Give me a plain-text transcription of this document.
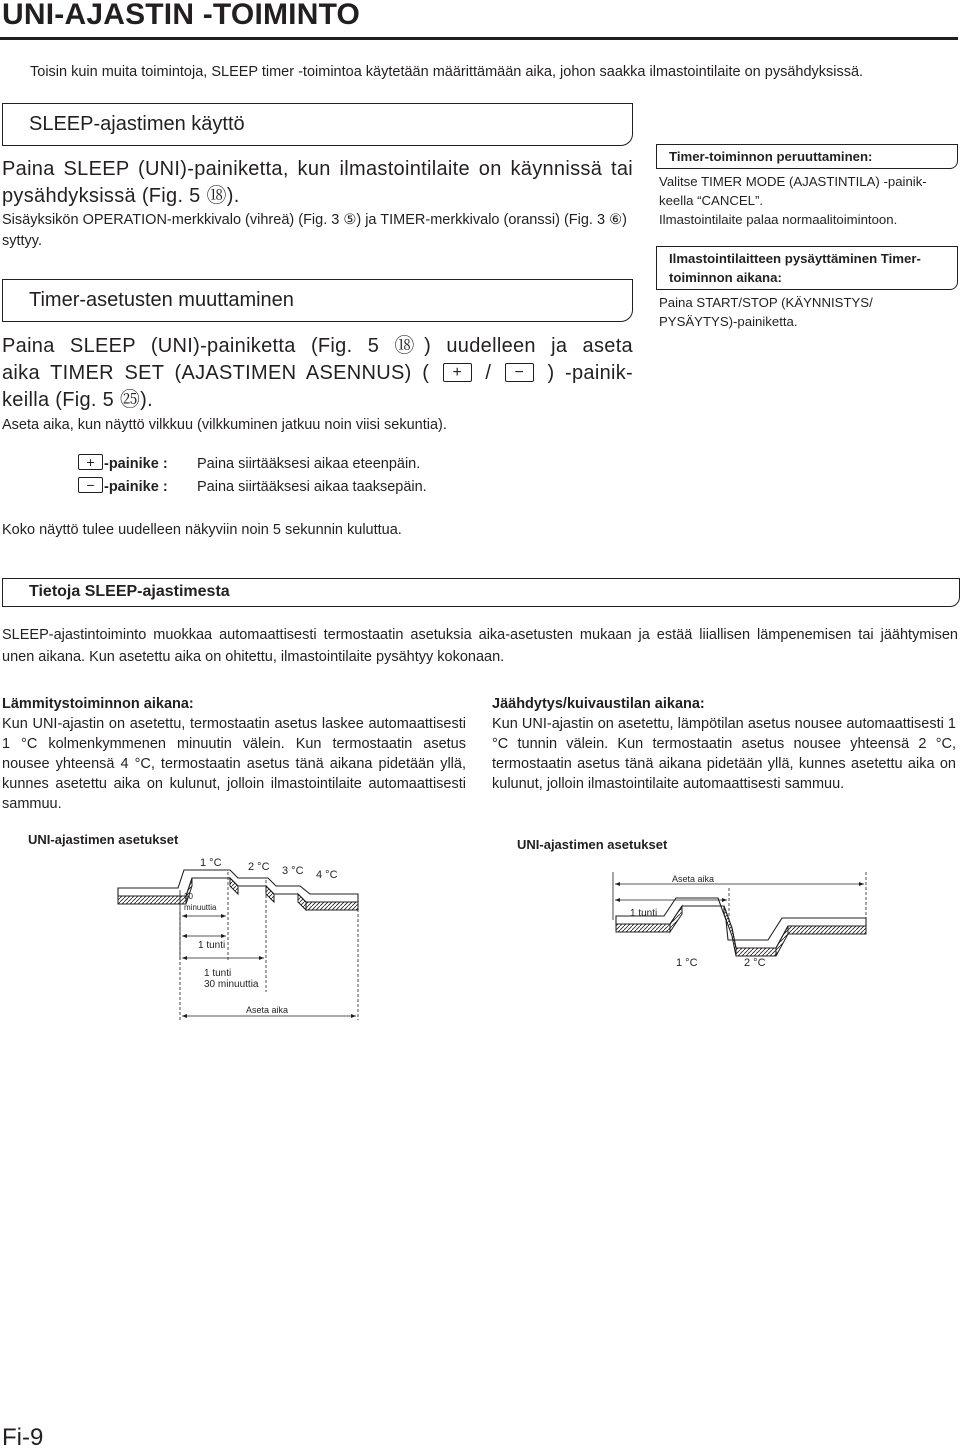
UNI-AJASTIN -TOIMINTO
Toisin kuin muita toimintoja, SLEEP timer -toimintoa käytetään määrittämään aika, johon saakka ilmastointilaite on pysähdyksissä.
SLEEP-ajastimen käyttö
Paina SLEEP (UNI)-painiketta, kun ilmastointilaite on käynnissä tai pysähdyksissä (Fig. 5 ⑱).
Sisäyksikön OPERATION-merkkivalo (vihreä) (Fig. 3 ⑤) ja TIMER-merkkivalo (oranssi) (Fig. 3 ⑥) syttyy.
Timer-asetusten muuttaminen
Paina SLEEP (UNI)-painiketta (Fig. 5 ⑱) uudelleen ja aseta
aika TIMER SET (AJASTIMEN ASENNUS) ( + / − ) -painik-
keilla (Fig. 5 ㉕).
Aseta aika, kun näyttö vilkkuu (vilkkuminen jatkuu noin viisi sekuntia).
+ -painike : Paina siirtääksesi aikaa eteenpäin.
− -painike : Paina siirtääksesi aikaa taaksepäin.
Koko näyttö tulee uudelleen näkyviin noin 5 sekunnin kuluttua.
Timer-toiminnon peruuttaminen:
Valitse TIMER MODE (AJASTINTILA) -painik-
keella “CANCEL”.
Ilmastointilaite palaa normaalitoimintoon.
Ilmastointilaitteen pysäyttäminen Timer-
toiminnon aikana:
Paina START/STOP (KÄYNNISTYS/
PYSÄYTYS)-painiketta.
Tietoja SLEEP-ajastimesta
SLEEP-ajastintoiminto muokkaa automaattisesti termostaatin asetuksia aika-asetusten mukaan ja estää liiallisen lämpenemisen tai jäähtymisen unen aikana. Kun asetettu aika on ohitettu, ilmastointilaite pysähtyy kokonaan.
Lämmitystoiminnon aikana:
Kun UNI-ajastin on asetettu, termostaatin asetus laskee automaattisesti 1 °C kolmenkymmenen minuutin välein. Kun termostaatin asetus nousee yhteensä 4 °C, termostaatin asetus tänä aikana pidetään yllä, kunnes asetettu aika on kulunut, jolloin ilmastointilaite automaattisesti sammuu.
Jäähdytys/kuivaustilan aikana:
Kun UNI-ajastin on asetettu, lämpötilan asetus nousee automaattisesti 1 °C tunnin välein. Kun termostaatin asetus nousee yhteensä 2 °C, termostaatin asetus tänä aikana pidetään yllä, kunnes asetettu aika on kulunut, jolloin ilmastointilaite automaattisesti sammuu.
UNI-ajastimen asetukset
1 °C 2 °C 3 °C 4 °C
30
minuuttia
1 tunti
1 tunti
30 minuuttia
Aseta aika
UNI-ajastimen asetukset
Aseta aika
1 tunti
1 °C	2 °C
Fi-9
